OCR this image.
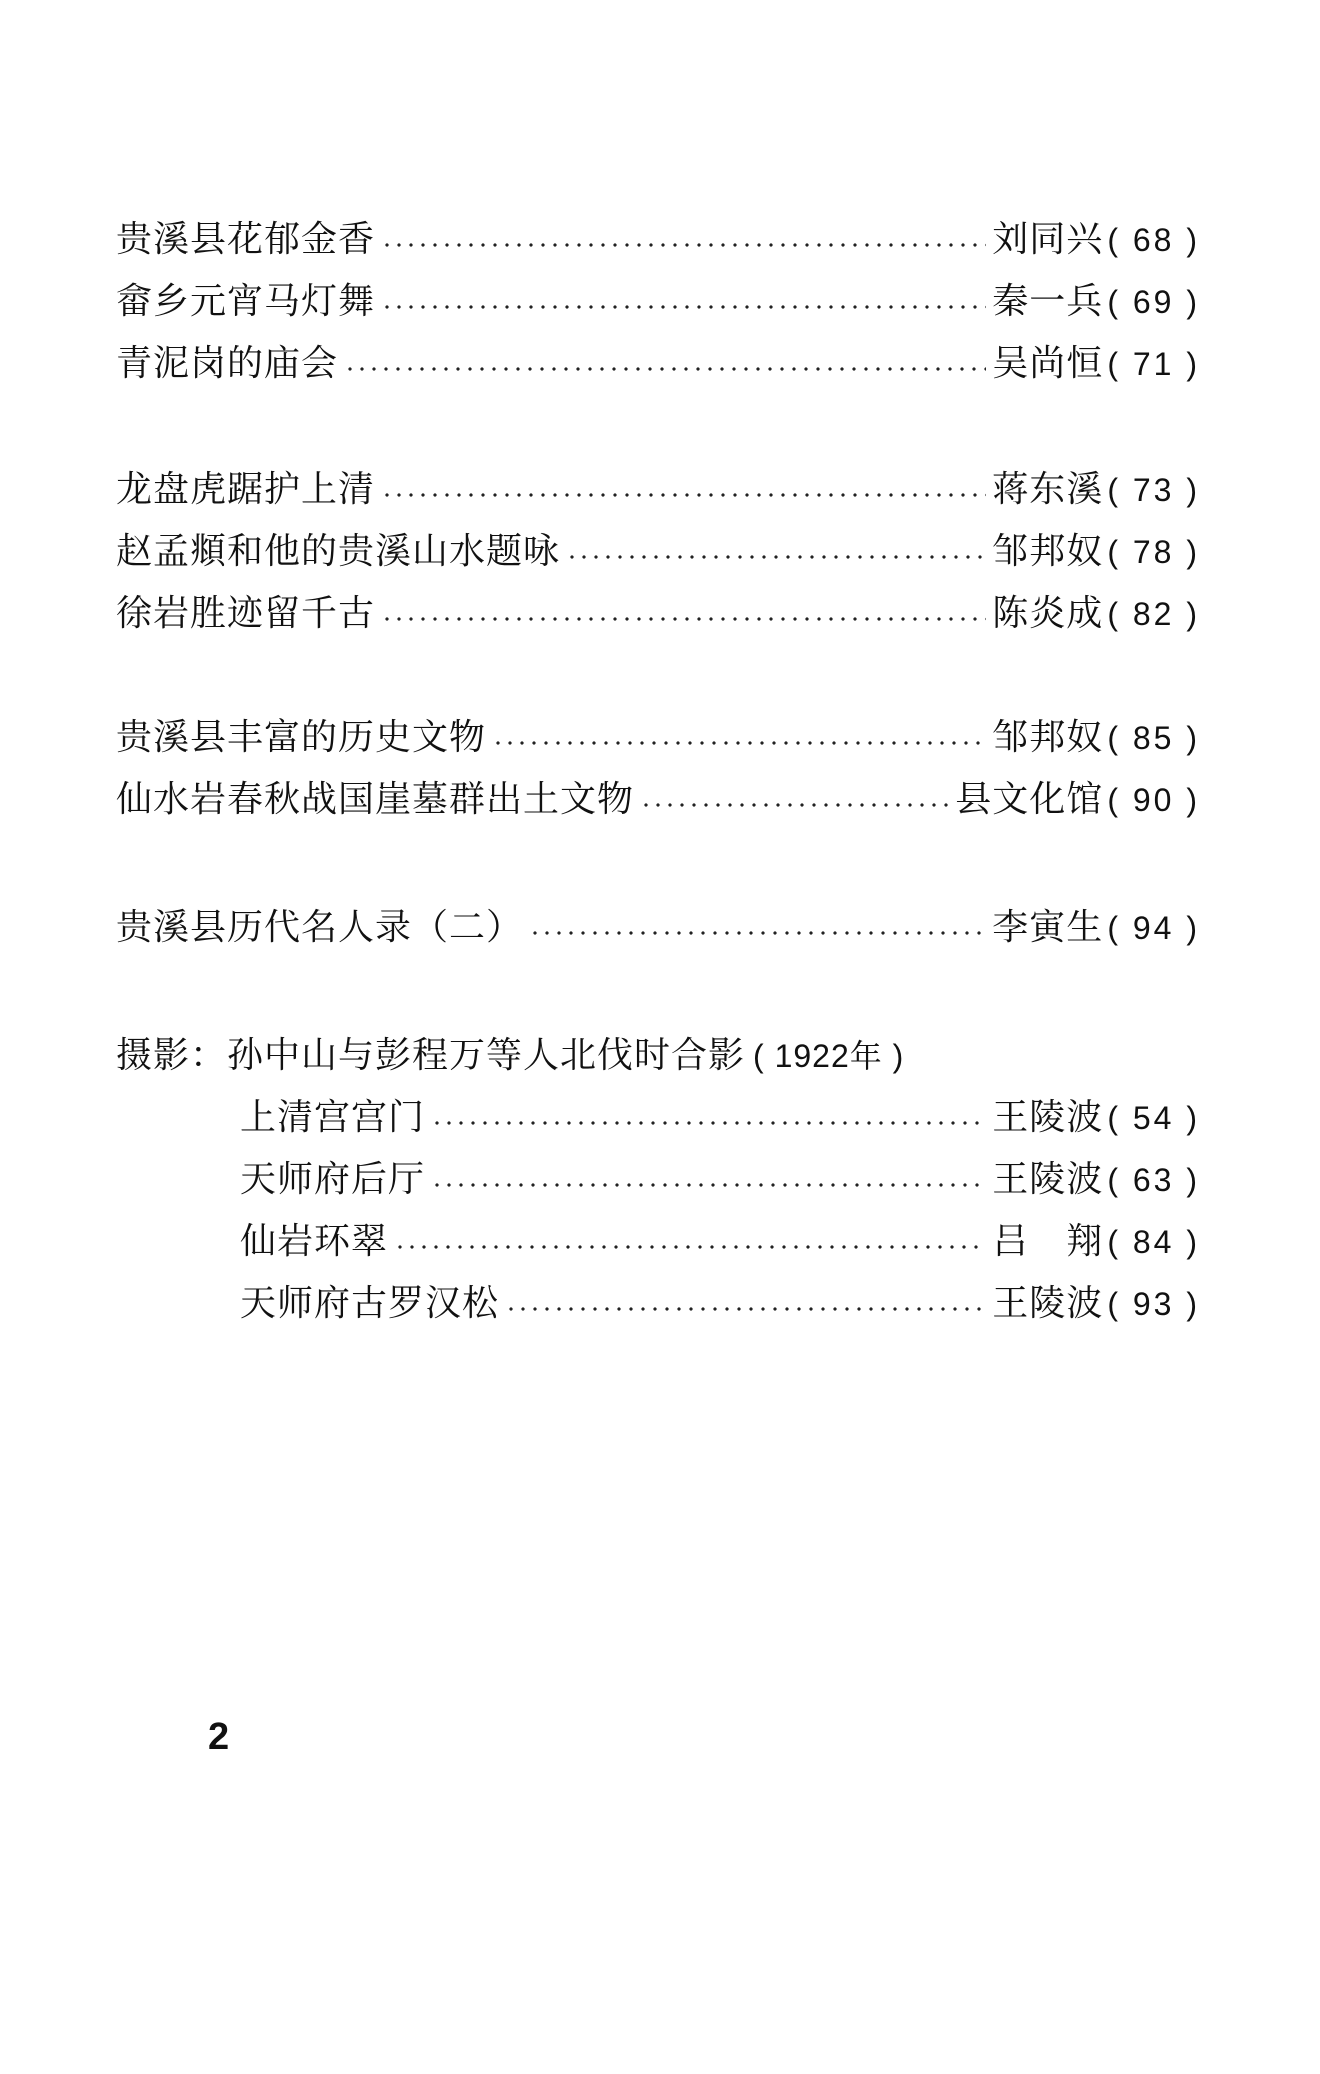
贵溪县花郁金香	刘同兴 ( 68 )
畲乡元宵马灯舞	秦一兵 ( 69 )
青泥岗的庙会	吴尚恒 ( 71 )
龙盘虎踞护上清	蒋东溪 ( 73 )
赵孟頫和他的贵溪山水题咏	邹邦奴 ( 78 )
徐岩胜迹留千古	陈炎成 ( 82 )
贵溪县丰富的历史文物	邹邦奴 ( 85 )
仙水岩春秋战国崖墓群出土文物	县文化馆 ( 90 )
贵溪县历代名人录（二）	李寅生 ( 94 )
摄影：孙中山与彭程万等人北伐时合影 ( 1922年 )
上清宫宫门	王陵波 ( 54 )
天师府后厅	王陵波 ( 63 )
仙岩环翠	吕　翔 ( 84 )
天师府古罗汉松	王陵波 ( 93 )
2
